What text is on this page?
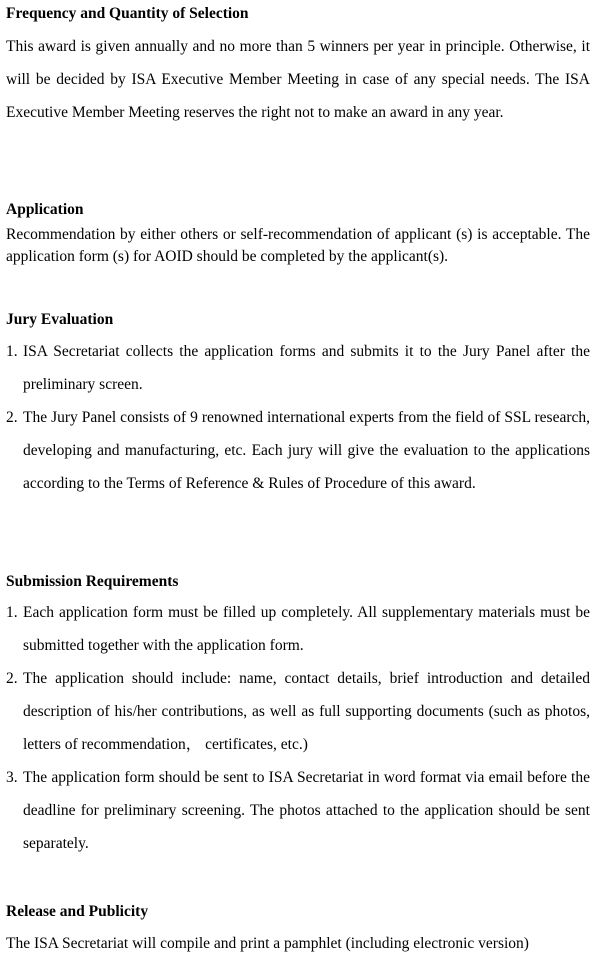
Frequency and Quantity of Selection

This award is given annually and no more than 5 winners per year in principle. Otherwise, it will be decided by ISA Executive Member Meeting in case of any special needs. The ISA Executive Member Meeting reserves the right not to make an award in any year.

Application

Recommendation by either others or self-recommendation of applicant (s) is acceptable. The application form (s) for AOID should be completed by the applicant(s).

Jury Evaluation
1. ISA Secretariat collects the application forms and submits it to the Jury Panel after the preliminary screen.
2. The Jury Panel consists of 9 renowned international experts from the field of SSL research, developing and manufacturing, etc. Each jury will give the evaluation to the applications according to the Terms of Reference & Rules of Procedure of this award.
Submission Requirements
1. Each application form must be filled up completely. All supplementary materials must be submitted together with the application form.
2. The application should include: name, contact details, brief introduction and detailed description of his/her contributions, as well as full supporting documents (such as photos, letters of recommendation， certificates, etc.)
3. The application form should be sent to ISA Secretariat in word format via email before the deadline for preliminary screening. The photos attached to the application should be sent separately.
Release and Publicity

The ISA Secretariat will compile and print a pamphlet (including electronic version)
